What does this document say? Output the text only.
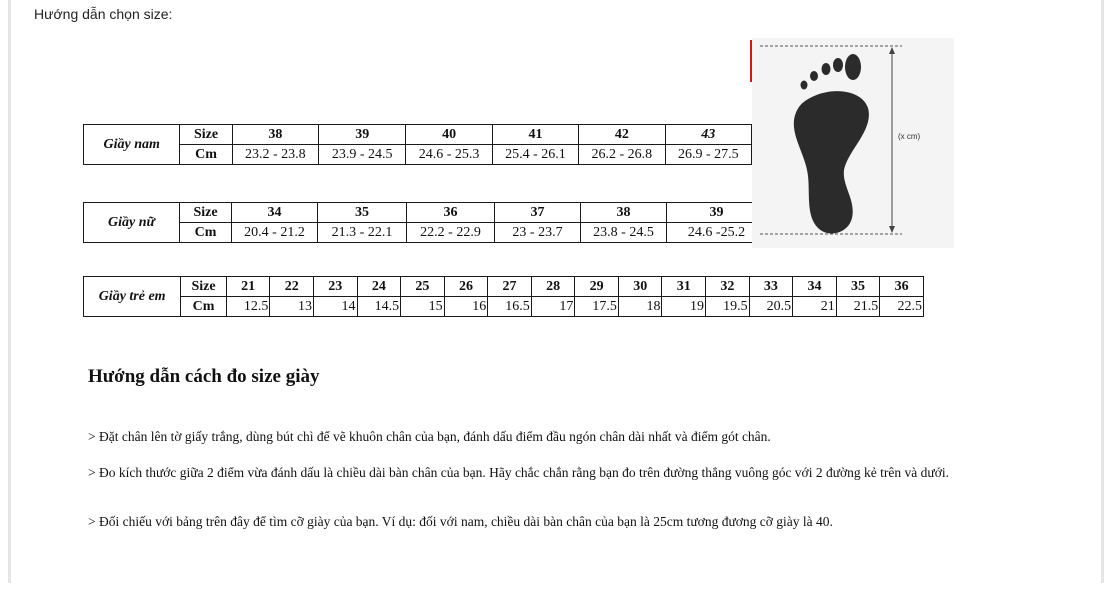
Hướng dẫn chọn size:
Giầy nam	Size	38	39	40	41	42	43
	Cm	23.2 - 23.8	23.9 - 24.5	24.6 - 25.3	25.4 - 26.1	26.2 - 26.8	26.9 - 27.5
Giầy nữ	Size	34	35	36	37	38	39
	Cm	20.4 - 21.2	21.3 - 22.1	22.2 - 22.9	23 - 23.7	23.8 - 24.5	24.6 -25.2
Giầy trẻ em	Size	21	22	23	24	25	26	27	28	29	30	31	32	33	34	35	36
	Cm	12.5	13	14	14.5	15	16	16.5	17	17.5	18	19	19.5	20.5	21	21.5	22.5
(x cm)
Hướng dẫn cách đo size giày
> Đặt chân lên tờ giấy trắng, dùng bút chì để vẽ khuôn chân của bạn, đánh dấu điểm đầu ngón chân dài nhất và điểm gót chân.
> Đo kích thước giữa 2 điểm vừa đánh dấu là chiều dài bàn chân của bạn. Hãy chắc chắn rằng bạn đo trên đường thẳng vuông góc với 2 đường kẻ trên và dưới.
> Đối chiếu với bảng trên đây để tìm cỡ giày của bạn. Ví dụ: đối với nam, chiều dài bàn chân của bạn là 25cm tương đương cỡ giày là 40.
